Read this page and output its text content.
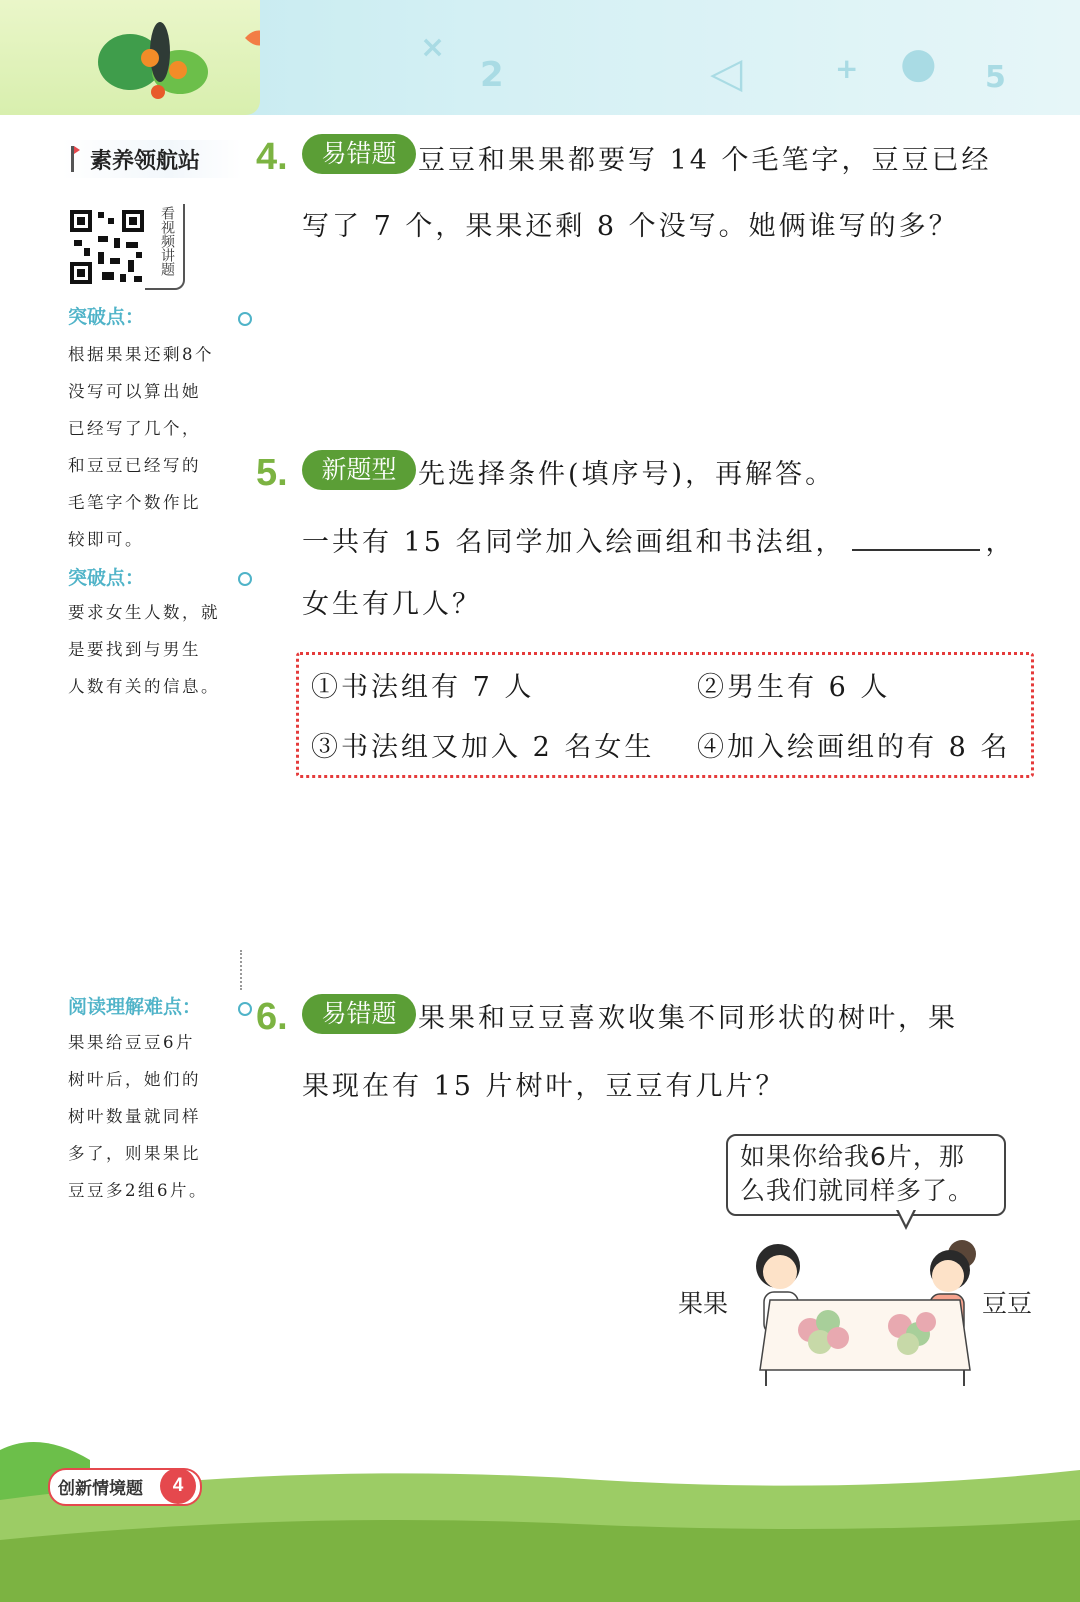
×
2	◁	+ ● 5
素养领航站
看视频讲题
突破点：
根据果果还剩8个
没写可以算出她
已经写了几个，
和豆豆已经写的
毛笔字个数作比
较即可。
突破点：
要求女生人数，就
是要找到与男生
人数有关的信息。
阅读理解难点：
果果给豆豆6片
树叶后，她们的
树叶数量就同样
多了，则果果比
豆豆多2组6片。
4.	易错题 豆豆和果果都要写 14 个毛笔字，豆豆已经
写了 7 个，果果还剩 8 个没写。她俩谁写的多？
5.	新题型 先选择条件(填序号)，再解答。
一共有 15 名同学加入绘画组和书法组，	，
女生有几人？
①书法组有 7 人	②男生有 6 人
③书法组又加入 2 名女生 ④加入绘画组的有 8 名
6.	易错题 果果和豆豆喜欢收集不同形状的树叶，果
果现在有 15 片树叶，豆豆有几片？
如果你给我6片，那
么我们就同样多了。
果果	豆豆
创新情境题	4
